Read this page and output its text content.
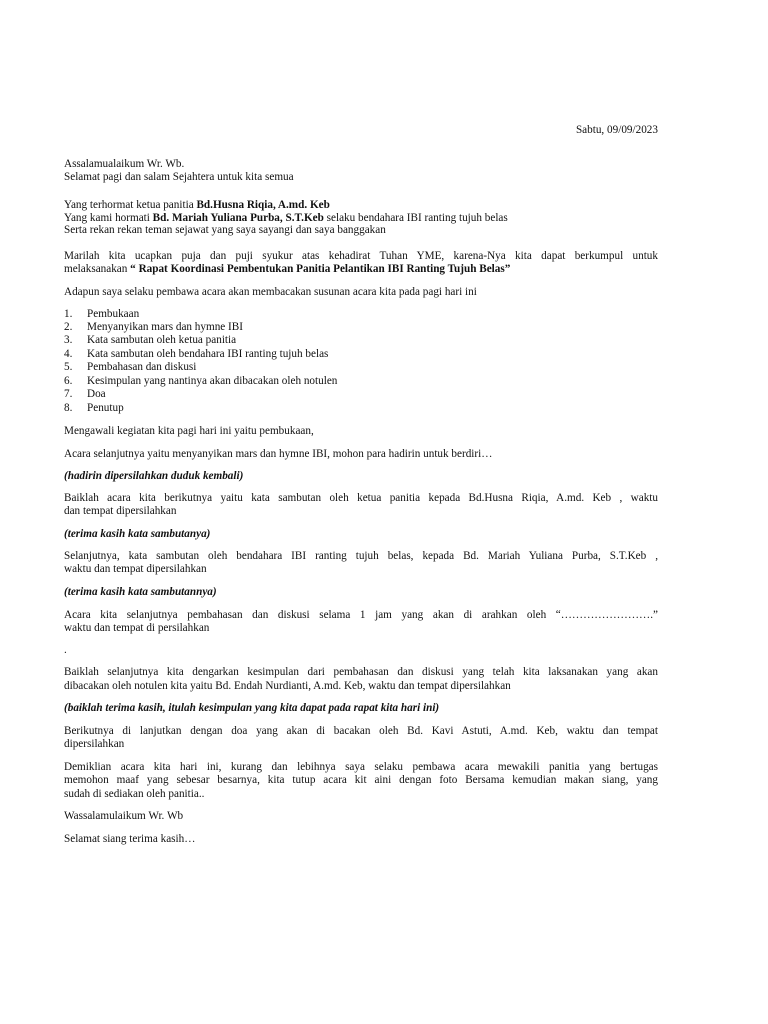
Sabtu, 09/09/2023
Assalamualaikum Wr. Wb.
Selamat pagi dan salam Sejahtera untuk kita semua
Yang terhormat ketua panitia Bd.Husna Riqia, A.md. Keb
Yang kami hormati Bd. Mariah Yuliana Purba, S.T.Keb selaku bendahara IBI ranting tujuh belas
Serta rekan rekan teman sejawat yang saya sayangi dan saya banggakan
Marilah kita ucapkan puja dan puji syukur atas kehadirat Tuhan YME, karena-Nya kita dapat berkumpul untuk
melaksanakan “ Rapat Koordinasi Pembentukan Panitia Pelantikan IBI Ranting Tujuh Belas”
Adapun saya selaku pembawa acara akan membacakan susunan acara kita pada pagi hari ini
1. Pembukaan
2. Menyanyikan mars dan hymne IBI
3. Kata sambutan oleh ketua panitia
4. Kata sambutan oleh bendahara IBI ranting tujuh belas
5. Pembahasan dan diskusi
6. Kesimpulan yang nantinya akan dibacakan oleh notulen
7. Doa
8. Penutup
Mengawali kegiatan kita pagi hari ini yaitu pembukaan,
Acara selanjutnya yaitu menyanyikan mars dan hymne IBI, mohon para hadirin untuk berdiri…
(hadirin dipersilahkan duduk kembali)
Baiklah acara kita berikutnya yaitu kata sambutan oleh ketua panitia kepada Bd.Husna Riqia, A.md. Keb , waktu
dan tempat dipersilahkan
(terima kasih kata sambutanya)
Selanjutnya, kata sambutan oleh bendahara IBI ranting tujuh belas, kepada Bd. Mariah Yuliana Purba, S.T.Keb ,
waktu dan tempat dipersilahkan
(terima kasih kata sambutannya)
Acara kita selanjutnya pembahasan dan diskusi selama 1 jam yang akan di arahkan oleh “…………………….”
waktu dan tempat di persilahkan
.
Baiklah selanjutnya kita dengarkan kesimpulan dari pembahasan dan diskusi yang telah kita laksanakan yang akan
dibacakan oleh notulen kita yaitu Bd. Endah Nurdianti, A.md. Keb, waktu dan tempat dipersilahkan
(baiklah terima kasih, itulah kesimpulan yang kita dapat pada rapat kita hari ini)
Berikutnya di lanjutkan dengan doa yang akan di bacakan oleh Bd. Kavi Astuti, A.md. Keb, waktu dan tempat
dipersilahkan
Demiklian acara kita hari ini, kurang dan lebihnya saya selaku pembawa acara mewakili panitia yang bertugas
memohon maaf yang sebesar besarnya, kita tutup acara kit aini dengan foto Bersama kemudian makan siang, yang
sudah di sediakan oleh panitia..
Wassalamulaikum Wr. Wb
Selamat siang terima kasih…
